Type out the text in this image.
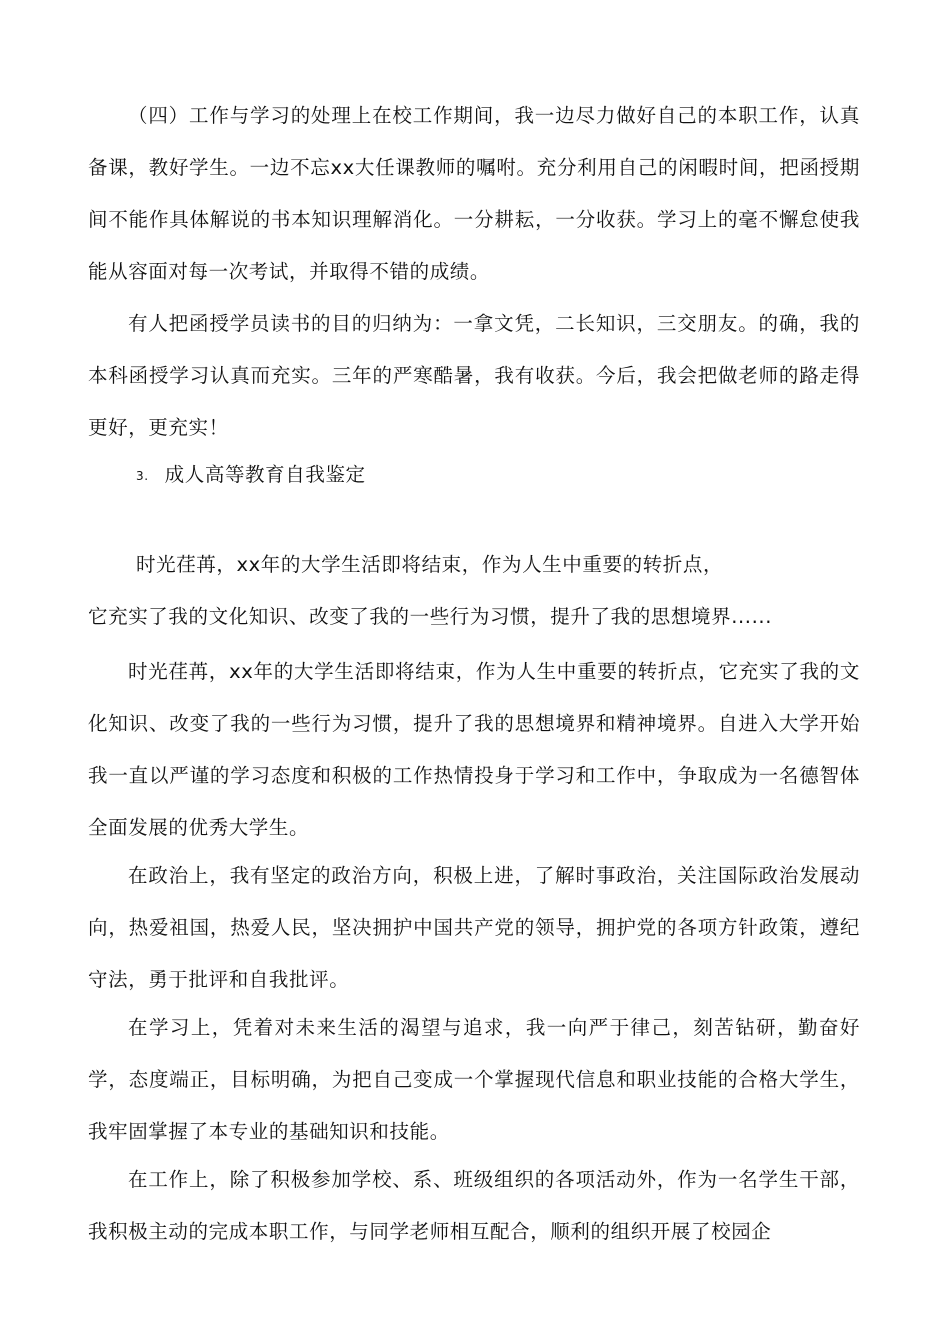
（四）工作与学习的处理上在校工作期间，我一边尽力做好自己的本职工作，认真备课，教好学生。一边不忘xx大任课教师的嘱咐。充分利用自己的闲暇时间，把函授期间不能作具体解说的书本知识理解消化。一分耕耘，一分收获。学习上的毫不懈怠使我能从容面对每一次考试，并取得不错的成绩。

有人把函授学员读书的目的归纳为：一拿文凭，二长知识，三交朋友。的确，我的本科函授学习认真而充实。三年的严寒酷暑，我有收获。今后，我会把做老师的路走得更好，更充实！

3. 成人高等教育自我鉴定

时光荏苒，xx年的大学生活即将结束，作为人生中重要的转折点，

它充实了我的文化知识、改变了我的一些行为习惯，提升了我的思想境界......

时光荏苒，xx年的大学生活即将结束，作为人生中重要的转折点，它充实了我的文化知识、改变了我的一些行为习惯，提升了我的思想境界和精神境界。自进入大学开始我一直以严谨的学习态度和积极的工作热情投身于学习和工作中，争取成为一名德智体全面发展的优秀大学生。

在政治上，我有坚定的政治方向，积极上进，了解时事政治，关注国际政治发展动向，热爱祖国，热爱人民，坚决拥护中国共产党的领导，拥护党的各项方针政策，遵纪守法，勇于批评和自我批评。

在学习上，凭着对未来生活的渴望与追求，我一向严于律己，刻苦钻研，勤奋好学，态度端正，目标明确，为把自己变成一个掌握现代信息和职业技能的合格大学生，我牢固掌握了本专业的基础知识和技能。

在工作上，除了积极参加学校、系、班级组织的各项活动外，作为一名学生干部，我积极主动的完成本职工作，与同学老师相互配合，顺利的组织开展了校园企
